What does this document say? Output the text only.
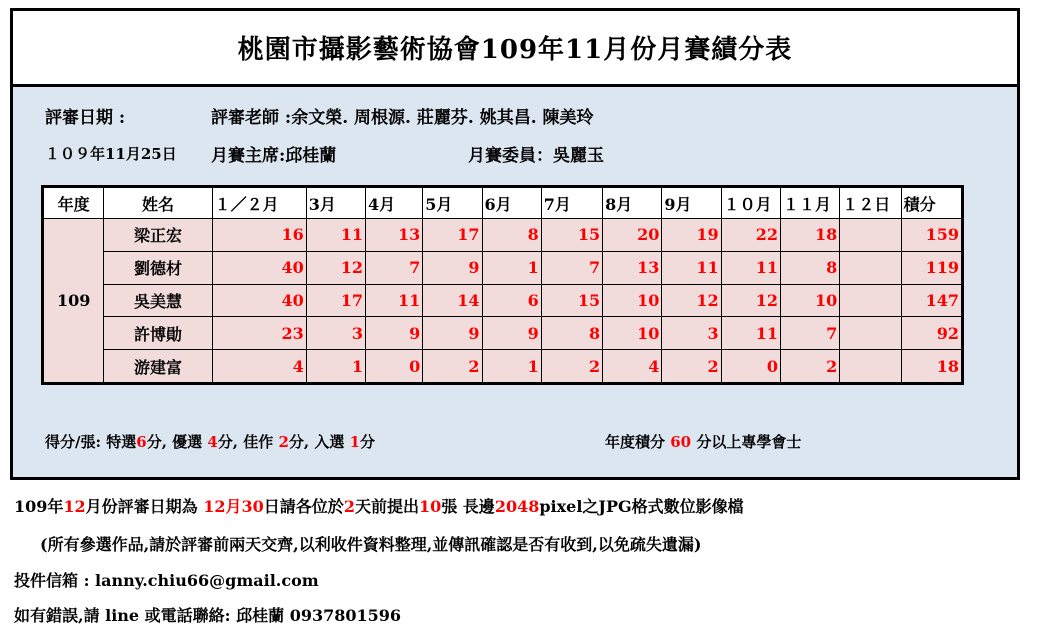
桃園市攝影藝術協會109年11月份月賽績分表
評審日期 :	評審老師 :余文榮. 周根源. 莊麗芬. 姚其昌. 陳美玲
１０９年11月25日 月賽主席:邱桂蘭	月賽委員：吳麗玉
年度	姓名	１／２月	3月	4月	5月	6月	7月	8月	9月	１０月	１１月	１２日	積分
109	梁正宏	16	11	13	17	8	15	20	19	22	18		159
	劉德材	40	12	7	9	1	7	13	11	11	8		119
	吳美慧	40	17	11	14	6	15	10	12	12	10		147
	許博勛	23	3	9	9	9	8	10	3	11	7		92
	游建富	4	1	0	2	1	2	4	2	0	2		18
得分/張: 特選6分, 優選 4分, 佳作 2分, 入選 1分	年度積分 60 分以上專學會士
109年12月份評審日期為 12月30日請各位於2天前提出10張 長邊2048pixel之JPG格式數位影像檔
(所有參選作品,請於評審前兩天交齊,以利收件資料整理,並傳訊確認是否有收到,以免疏失遺漏)
投件信箱 : lanny.chiu66@gmail.com
如有錯誤,請 line 或電話聯絡: 邱桂蘭 0937801596
